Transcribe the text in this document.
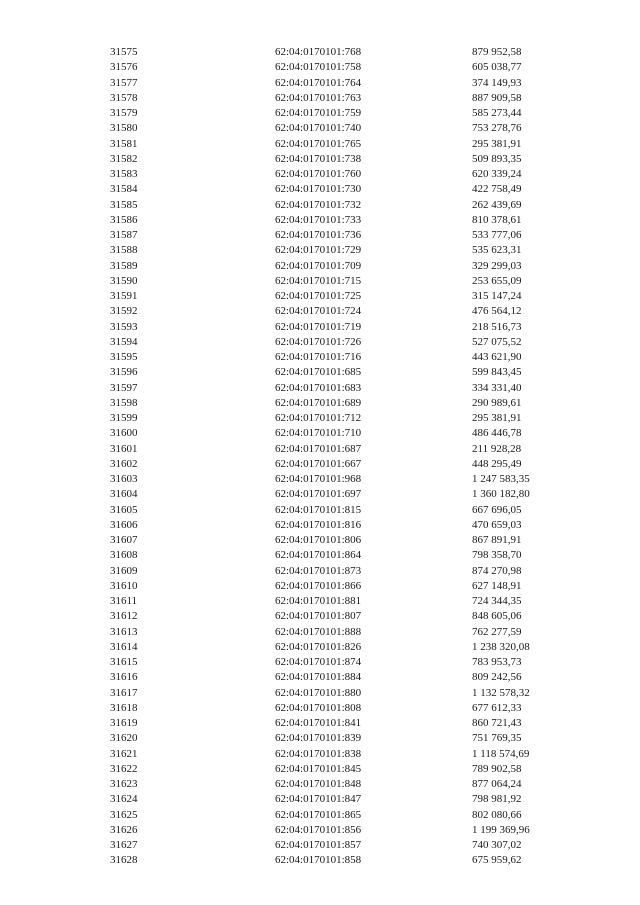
31575	62:04:0170101:768	879 952,58
31576	62:04:0170101:758	605 038,77
31577	62:04:0170101:764	374 149,93
31578	62:04:0170101:763	887 909,58
31579	62:04:0170101:759	585 273,44
31580	62:04:0170101:740	753 278,76
31581	62:04:0170101:765	295 381,91
31582	62:04:0170101:738	509 893,35
31583	62:04:0170101:760	620 339,24
31584	62:04:0170101:730	422 758,49
31585	62:04:0170101:732	262 439,69
31586	62:04:0170101:733	810 378,61
31587	62:04:0170101:736	533 777,06
31588	62:04:0170101:729	535 623,31
31589	62:04:0170101:709	329 299,03
31590	62:04:0170101:715	253 655,09
31591	62:04:0170101:725	315 147,24
31592	62:04:0170101:724	476 564,12
31593	62:04:0170101:719	218 516,73
31594	62:04:0170101:726	527 075,52
31595	62:04:0170101:716	443 621,90
31596	62:04:0170101:685	599 843,45
31597	62:04:0170101:683	334 331,40
31598	62:04:0170101:689	290 989,61
31599	62:04:0170101:712	295 381,91
31600	62:04:0170101:710	486 446,78
31601	62:04:0170101:687	211 928,28
31602	62:04:0170101:667	448 295,49
31603	62:04:0170101:968	1 247 583,35
31604	62:04:0170101:697	1 360 182,80
31605	62:04:0170101:815	667 696,05
31606	62:04:0170101:816	470 659,03
31607	62:04:0170101:806	867 891,91
31608	62:04:0170101:864	798 358,70
31609	62:04:0170101:873	874 270,98
31610	62:04:0170101:866	627 148,91
31611	62:04:0170101:881	724 344,35
31612	62:04:0170101:807	848 605,06
31613	62:04:0170101:888	762 277,59
31614	62:04:0170101:826	1 238 320,08
31615	62:04:0170101:874	783 953,73
31616	62:04:0170101:884	809 242,56
31617	62:04:0170101:880	1 132 578,32
31618	62:04:0170101:808	677 612,33
31619	62:04:0170101:841	860 721,43
31620	62:04:0170101:839	751 769,35
31621	62:04:0170101:838	1 118 574,69
31622	62:04:0170101:845	789 902,58
31623	62:04:0170101:848	877 064,24
31624	62:04:0170101:847	798 981,92
31625	62:04:0170101:865	802 080,66
31626	62:04:0170101:856	1 199 369,96
31627	62:04:0170101:857	740 307,02
31628	62:04:0170101:858	675 959,62
